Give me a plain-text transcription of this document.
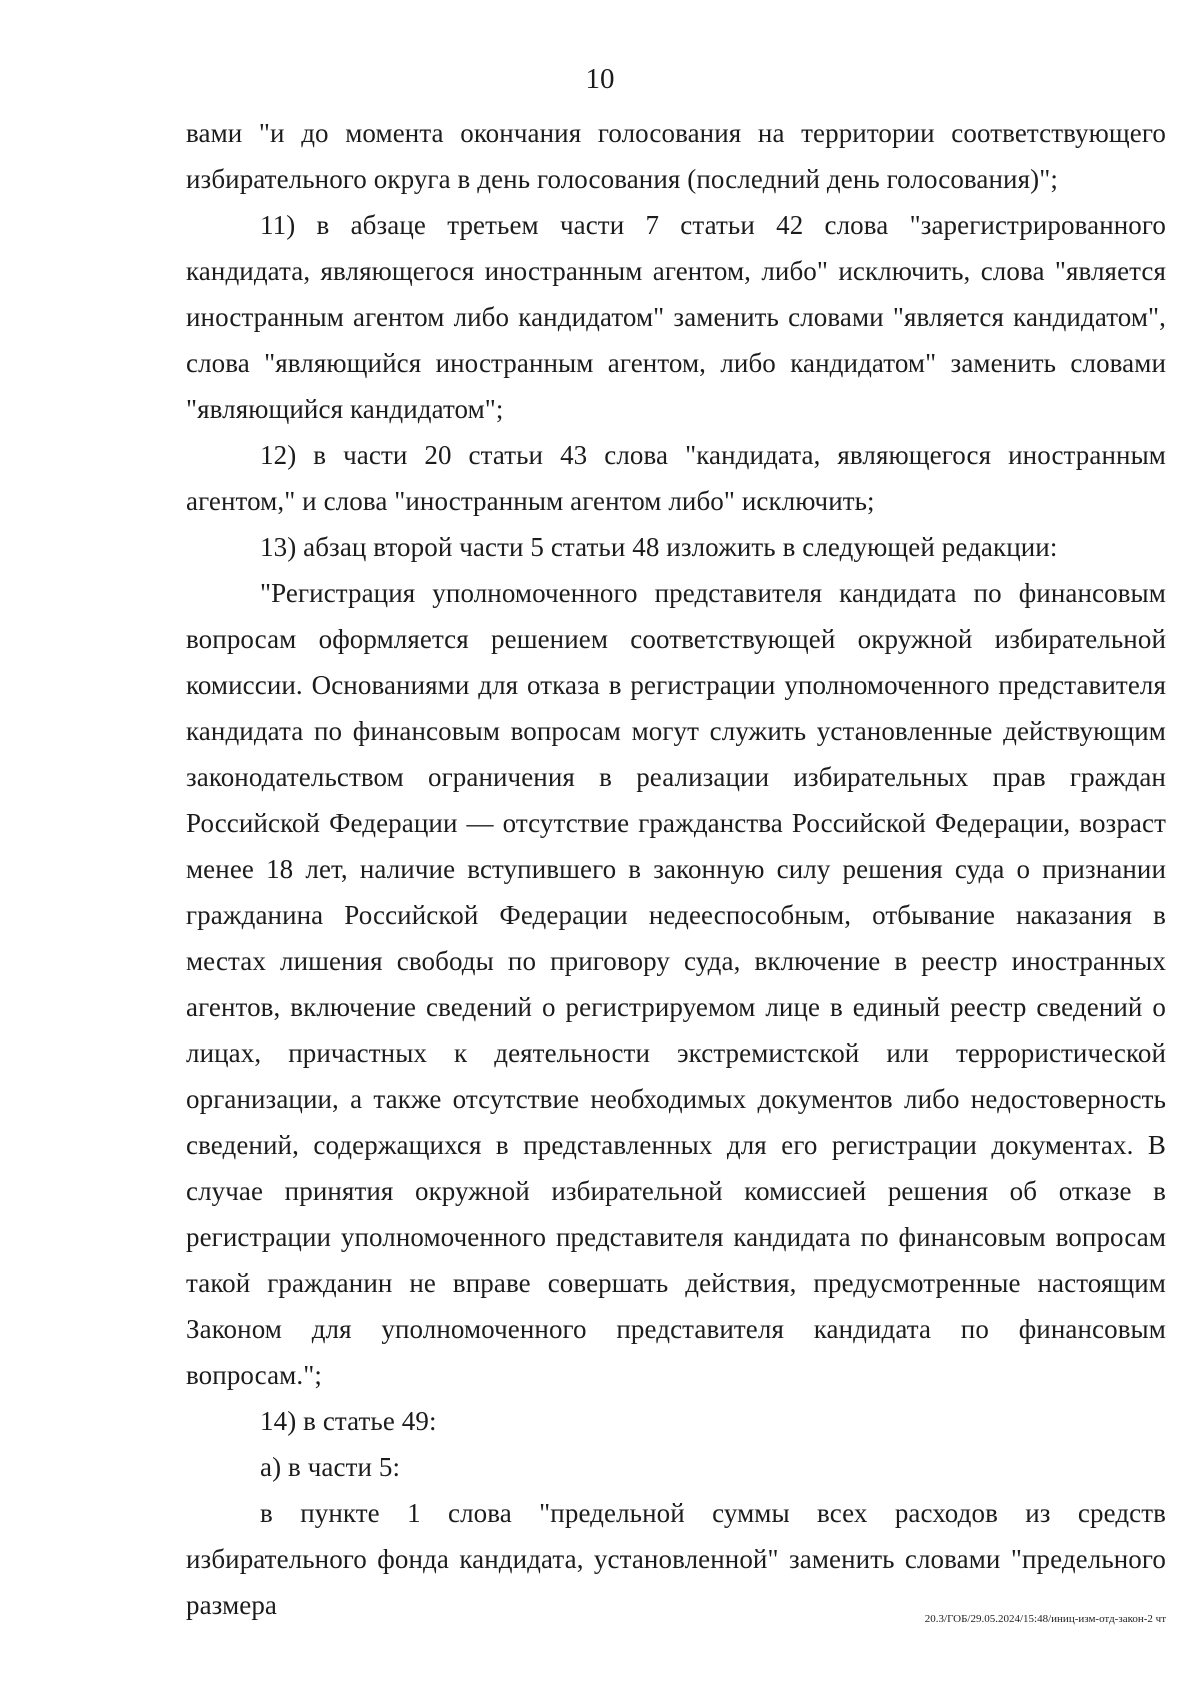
10

вами "и до момента окончания голосования на территории соответствующего избирательного округа в день голосования (последний день голосования)";

11) в абзаце третьем части 7 статьи 42 слова "зарегистрированного кандидата, являющегося иностранным агентом, либо" исключить, слова "является иностранным агентом либо кандидатом" заменить словами "является кандидатом", слова "являющийся иностранным агентом, либо кандидатом" заменить словами "являющийся кандидатом";

12) в части 20 статьи 43 слова "кандидата, являющегося иностранным агентом," и слова "иностранным агентом либо" исключить;

13) абзац второй части 5 статьи 48 изложить в следующей редакции:

"Регистрация уполномоченного представителя кандидата по финансовым вопросам оформляется решением соответствующей окружной избирательной комиссии. Основаниями для отказа в регистрации уполномоченного представителя кандидата по финансовым вопросам могут служить установленные действующим законодательством ограничения в реализации избирательных прав граждан Российской Федерации — отсутствие гражданства Российской Федерации, возраст менее 18 лет, наличие вступившего в законную силу решения суда о признании гражданина Российской Федерации недееспособным, отбывание наказания в местах лишения свободы по приговору суда, включение в реестр иностранных агентов, включение сведений о регистрируемом лице в единый реестр сведений о лицах, причастных к деятельности экстремистской или террористической организации, а также отсутствие необходимых документов либо недостоверность сведений, содержащихся в представленных для его регистрации документах. В случае принятия окружной избирательной комиссией решения об отказе в регистрации уполномоченного представителя кандидата по финансовым вопросам такой гражданин не вправе совершать действия, предусмотренные настоящим Законом для уполномоченного представителя кандидата по финансовым вопросам.";

14) в статье 49:

а) в части 5:

в пункте 1 слова "предельной суммы всех расходов из средств избирательного фонда кандидата, установленной" заменить словами "предельного размера	20.3/ГОБ/29.05.2024/15:48/иниц-изм-отд-закон-2 чт
